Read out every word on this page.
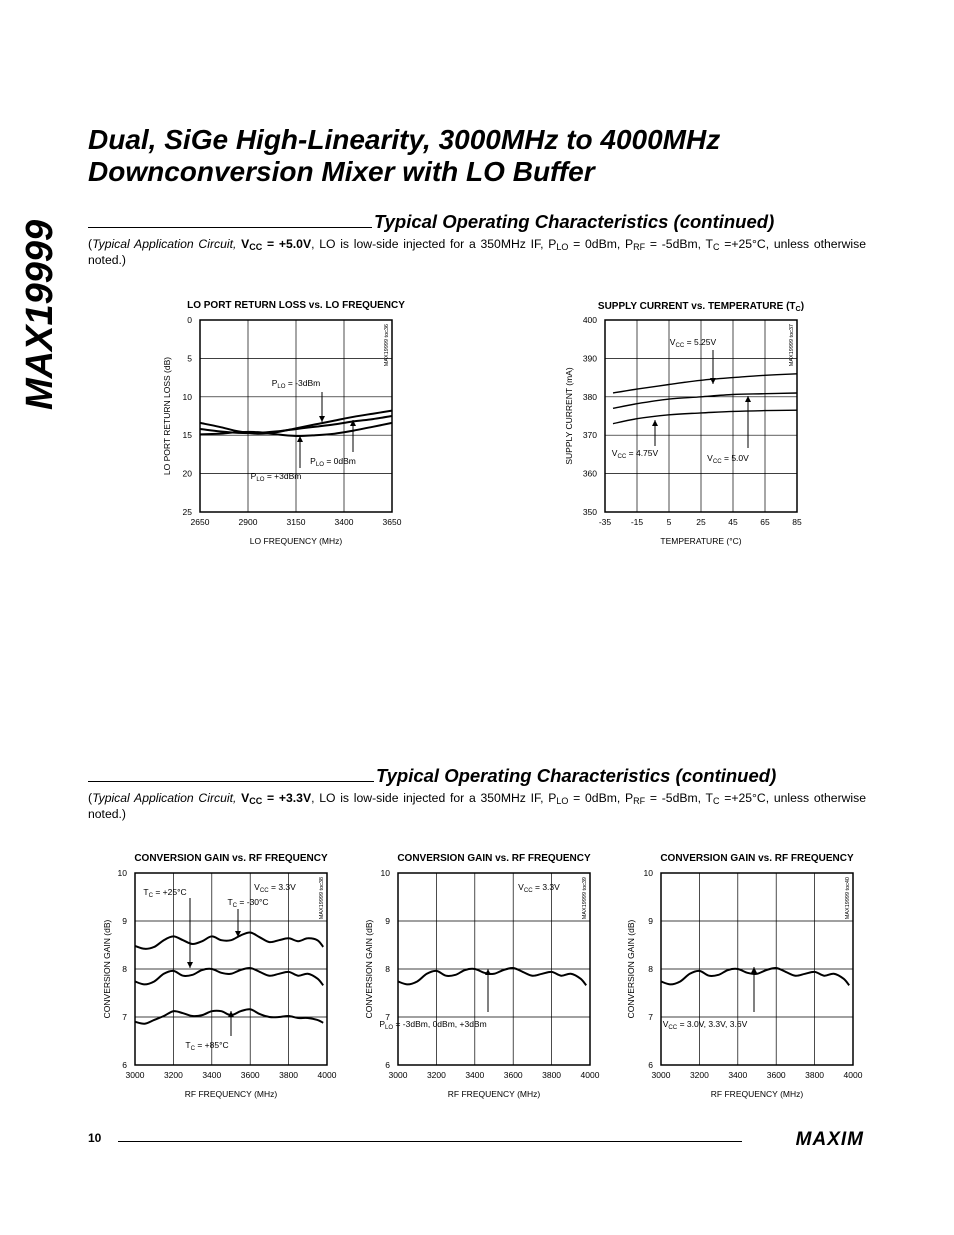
MAX19999
Dual, SiGe High-Linearity, 3000MHz to 4000MHz Downconversion Mixer with LO Buffer
Typical Operating Characteristics (continued)

(Typical Application Circuit, $V_{CC} = +5.0V$, LO is low-side injected for a 350MHz IF, $P_{LO} = 0dBm$, $P_{RF} = -5dBm$, $T_C =+25^\circ C$, unless otherwise noted.)

LO PORT RETURN LOSS vs. LO FREQUENCY
2650	2900	3150	3400	3650
0
5
10
15
20
25
LO FREQUENCY (MHz)
LO PORT RETURN LOSS (dB)
MAX19999 toc36
$P_{LO} = -3dBm$
$P_{LO} = 0dBm$
$P_{LO} = +3dBm$
SUPPLY CURRENT vs. TEMPERATURE $(T_C)$
-35 -15	5	25	45	65	85
350
360
370
380
390
400
TEMPERATURE (°C)
SUPPLY CURRENT (mA)
MAX19999 toc37
$V_{CC} = 5.25V$
$V_{CC} = 4.75V$	$V_{CC} = 5.0V$
Typical Operating Characteristics (continued)

(Typical Application Circuit, $V_{CC} = +3.3V$, LO is low-side injected for a 350MHz IF, $P_{LO} = 0dBm$, $P_{RF} = -5dBm$, $T_C =+25^\circ C$, unless otherwise noted.)

CONVERSION GAIN vs. RF FREQUENCY
3000 3200 3400 3600 3800 4000
6
7
8
9
10
RF FREQUENCY (MHz)
CONVERSION GAIN (dB)
MAX19999 toc38
$T_C = +25^\circ C$
$T_C = -30^\circ C$
$V_{CC} = 3.3V$
$T_C = +85^\circ C$
CONVERSION GAIN vs. RF FREQUENCY
3000 3200 3400 3600 3800 4000
6
7
8
9
10
RF FREQUENCY (MHz)
CONVERSION GAIN (dB)
MAX19999 toc39
$V_{CC} = 3.3V$
$P_{LO} = -3dBm$, 0dBm, +3dBm
CONVERSION GAIN vs. RF FREQUENCY
3000 3200 3400 3600 3800 4000
6
7
8
9
10
RF FREQUENCY (MHz)
CONVERSION GAIN (dB)
MAX19999 toc40
$V_{CC} = 3.0V$, 3.3V, 3.6V

10	MAXIM
